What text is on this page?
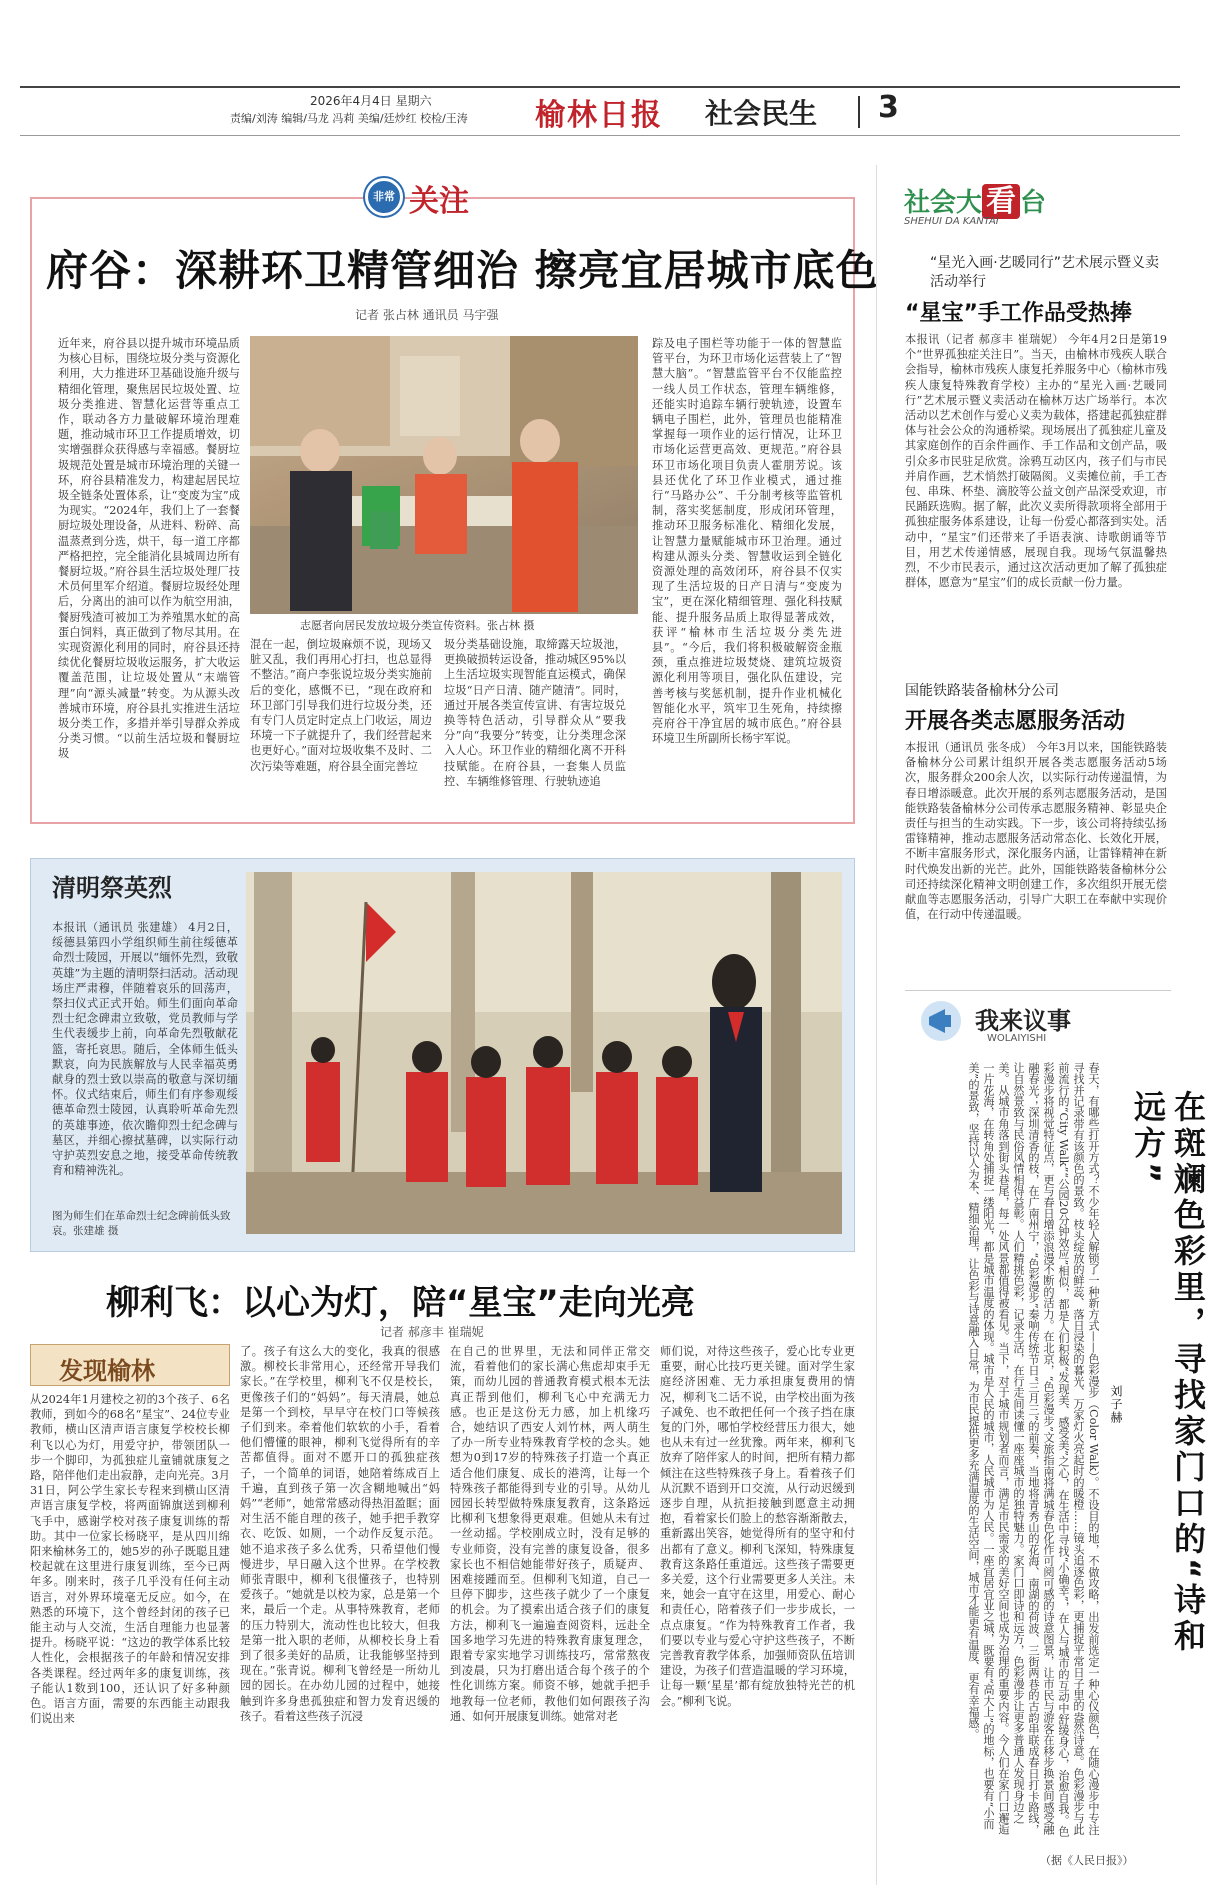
2026年4月4日 星期六
责编/刘涛 编辑/马龙 冯莉 美编/廷炒红 校检/王涛 榆林日报 社会民生 3
非常 关注
府谷：深耕环卫精管细治 擦亮宜居城市底色
记者 张占林 通讯员 马宇强
近年来，府谷县以提升城市环境品质为核心目标，围绕垃圾分类与资源化利用，大力推进环卫基础设施升级与精细化管理，聚焦居民垃圾处置、垃圾分类推进、智慧化运营等重点工作，联动各方力量破解环境治理难题，推动城市环卫工作提质增效，切实增强群众获得感与幸福感。餐厨垃圾规范处置是城市环境治理的关键一环，府谷县精准发力，构建起居民垃圾全链条处置体系，让“变废为宝”成为现实。“2024年，我们上了一套餐厨垃圾处理设备，从进料、粉碎、高温蒸煮到分选，烘干，每一道工序都严格把控，完全能消化县城周边所有餐厨垃圾。”府谷县生活垃圾处理厂技术员何里军介绍道。餐厨垃圾经处理后，分离出的油可以作为航空用油，餐厨残渣可被加工为养殖黑水虻的高蛋白饲料，真正做到了物尽其用。在实现资源化利用的同时，府谷县还持续优化餐厨垃圾收运服务，扩大收运覆盖范围，让垃圾处置从“末端管理”向“源头减量”转变。为从源头改善城市环境，府谷县扎实推进生活垃圾分类工作，多措并举引导群众养成分类习惯。“以前生活垃圾和餐厨垃圾
志愿者向居民发放垃圾分类宣传资料。张占林 摄
混在一起，倒垃圾麻烦不说，现场又脏又乱，我们再用心打扫，也总显得不整洁。”商户李张说垃圾分类实施前后的变化，感慨不已，“现在政府和环卫部门引导我们进行垃圾分类，还有专门人员定时定点上门收运，周边环境一下子就提升了，我们经营起来也更好心。”面对垃圾收集不及时、二次污染等难题，府谷县全面完善垃
圾分类基础设施，取缔露天垃圾池，更换破损转运设备，推动城区95%以上生活垃圾实现智能直运模式，确保垃圾“日产日清、随产随清”。同时，通过开展各类宣传宣讲、有害垃圾兑换等特色活动，引导群众从“要我分”向“我要分”转变，让分类理念深入人心。环卫作业的精细化离不开科技赋能。在府谷县，一套集人员监控、车辆维修管理、行驶轨迹追
踪及电子围栏等功能于一体的智慧监管平台，为环卫市场化运营装上了“智慧大脑”。“智慧监管平台不仅能监控一线人员工作状态，管理车辆维修，还能实时追踪车辆行驶轨迹，设置车辆电子围栏，此外，管理员也能精准掌握每一项作业的运行情况，让环卫市场化运营更高效、更规范。”府谷县环卫市场化项目负责人霍朋芳说。该县还优化了环卫作业模式，通过推行“马路办公”、千分制考核等监管机制，落实奖惩制度，形成闭环管理，推动环卫服务标准化、精细化发展，让智慧力量赋能城市环卫治理。通过构建从源头分类、智慧收运到全链化资源处理的高效闭环，府谷县不仅实现了生活垃圾的日产日清与“变废为宝”，更在深化精细管理、强化科技赋能、提升服务品质上取得显著成效，获评“榆林市生活垃圾分类先进县”。“今后，我们将积极破解资金瓶颈，重点推进垃圾焚烧、建筑垃圾资源化利用等项目，强化队伍建设，完善考核与奖惩机制，提升作业机械化智能化水平，筑牢卫生死角，持续擦亮府谷干净宜居的城市底色。”府谷县环境卫生所副所长杨宇军说。
清明祭英烈
本报讯（通讯员 张建雄） 4月2日，绥德县第四小学组织师生前往绥德革命烈士陵园，开展以“缅怀先烈，致敬英雄”为主题的清明祭扫活动。活动现场庄严肃穆，伴随着哀乐的回荡声，祭扫仪式正式开始。师生们面向革命烈士纪念碑肃立致敬，党员教师与学生代表缓步上前，向革命先烈敬献花篮，寄托哀思。随后，全体师生低头默哀，向为民族解放与人民幸福英勇献身的烈士致以崇高的敬意与深切缅怀。仪式结束后，师生们有序参观绥德革命烈士陵园，认真聆听革命先烈的英雄事迹，依次瞻仰烈士纪念碑与墓区，并细心擦拭墓碑，以实际行动守护英烈安息之地，接受革命传统教育和精神洗礼。
图为师生们在革命烈士纪念碑前低头致哀。张建雄 摄
柳利飞：以心为灯，陪“星宝”走向光亮
记者 郝彦丰 崔瑞妮
发现榆林
从2024年1月建校之初的3个孩子、6名教师，到如今的68名“星宝”、24位专业教师，横山区清声语言康复学校校长柳利飞以心为灯，用爱守护，带领团队一步一个脚印，为孤独症儿童铺就康复之路，陪伴他们走出寂静，走向光亮。3月31日，阿公学生家长专程来到横山区清声语言康复学校，将两面锦旗送到柳利飞手中，感谢学校对孩子康复训练的帮助。其中一位家长杨晓平，是从四川绵阳来榆林务工的，她5岁的孙子既聪且建校起就在这里进行康复训练，至今已两年多。刚来时，孩子几乎没有任何主动语言，对外界环境毫无反应。如今，在熟悉的环境下，这个曾经封闭的孩子已能主动与人交流，生活自理能力也显著提升。杨晓平说：“这边的教学体系比较人性化，会根据孩子的年龄和情况安排各类课程。经过两年多的康复训练，孩子能认1数到100，还认识了好多种颜色。语言方面，需要的东西能主动跟我们说出来
了。孩子有这么大的变化，我真的很感激。柳校长非常用心，还经常开导我们家长。”在学校里，柳利飞不仅是校长，更像孩子们的“妈妈”。每天清晨，她总是第一个到校，早早守在校门口等候孩子们到来。牵着他们软软的小手，看着他们懵懂的眼神，柳利飞觉得所有的辛苦都值得。面对不愿开口的孤独症孩子，一个简单的词语，她陪着练成百上千遍，直到孩子第一次含糊地喊出“妈妈”“老师”，她常常感动得热泪盈眶；面对生活不能自理的孩子，她手把手教穿衣、吃饭、如厕，一个动作反复示范。她不追求孩子多么优秀，只希望他们慢慢进步，早日融入这个世界。在学校教师张青眼中，柳利飞很懂孩子，也特别爱孩子。“她就是以校为家，总是第一个来，最后一个走。从事特殊教育，老师的压力特别大，流动性也比较大，但我是第一批入职的老师，从柳校长身上看到了很多美好的品质，让我能够坚持到现在。”张青说。柳利飞曾经是一所幼儿园的园长。在办幼儿园的过程中，她接触到许多身患孤独症和智力发育迟缓的孩子。看着这些孩子沉浸
在自己的世界里，无法和同伴正常交流，看着他们的家长满心焦虑却束手无策，而幼儿园的普通教育模式根本无法真正帮到他们，柳利飞心中充满无力感。也正是这份无力感，加上机缘巧合，她结识了西安人刘竹林，两人萌生了办一所专业特殊教育学校的念头。她想为0到17岁的特殊孩子打造一个真正适合他们康复、成长的港湾，让每一个特殊孩子都能得到专业的引导。从幼儿园园长转型做特殊康复教育，这条路远比柳利飞想象得更艰难。但她从未有过一丝动摇。学校刚成立时，没有足够的专业师资，没有完善的康复设备，很多家长也不相信她能带好孩子，质疑声、困难接踵而至。但柳利飞知道，自己一旦停下脚步，这些孩子就少了一个康复的机会。为了摸索出适合孩子们的康复方法，柳利飞一遍遍查阅资料，远赴全国多地学习先进的特殊教育康复理念，跟着专家实地学习训练技巧，常常熬夜到凌晨，只为打磨出适合每个孩子的个性化训练方案。师资不够，她就手把手地教每一位老师，教他们如何跟孩子沟通、如何开展康复训练。她常对老
师们说，对待这些孩子，爱心比专业更重要，耐心比技巧更关键。面对学生家庭经济困难、无力承担康复费用的情况，柳利飞二话不说，由学校出面为孩子减免、也不敢把任何一个孩子挡在康复的门外，哪怕学校经营压力很大，她也从未有过一丝犹豫。两年来，柳利飞放弃了陪伴家人的时间，把所有精力都倾注在这些特殊孩子身上。看着孩子们从沉默不语到开口交流，从行动迟缓到逐步自理，从抗拒接触到愿意主动拥抱，看着家长们脸上的愁容渐渐散去，重新露出笑容，她觉得所有的坚守和付出都有了意义。柳利飞深知，特殊康复教育这条路任重道远。这些孩子需要更多关爱，这个行业需要更多人关注。未来，她会一直守在这里，用爱心、耐心和责任心，陪着孩子们一步步成长，一点点康复。“作为特殊教育工作者，我们要以专业与爱心守护这些孩子，不断完善教育教学体系，加强师资队伍培训建设，为孩子们营造温暖的学习环境，让每一颗‘星星’都有绽放独特光芒的机会。”柳利飞说。
社会大 看 台
SHEHUI DA KANTAI
“星光入画·艺暖同行”艺术展示暨义卖活动举行
“星宝”手工作品受热捧
本报讯（记者 郝彦丰 崔瑞妮） 今年4月2日是第19个“世界孤独症关注日”。当天，由榆林市残疾人联合会指导，榆林市残疾人康复托养服务中心（榆林市残疾人康复特殊教育学校）主办的“星光入画·艺暖同行”艺术展示暨义卖活动在榆林万达广场举行。本次活动以艺术创作与爱心义卖为载体，搭建起孤独症群体与社会公众的沟通桥梁。现场展出了孤独症儿童及其家庭创作的百余件画作、手工作品和文创产品，吸引众多市民驻足欣赏。涂鸦互动区内，孩子们与市民并肩作画，艺术悄然打破隔阂。义卖摊位前，手工杏包、串珠、杯垫、滴胶等公益文创产品深受欢迎，市民踊跃选购。据了解，此次义卖所得款项将全部用于孤独症服务体系建设，让每一份爱心都落到实处。活动中，“星宝”们还带来了手语表演、诗歌朗诵等节目，用艺术传递情感，展现自我。现场气氛温馨热烈，不少市民表示，通过这次活动更加了解了孤独症群体，愿意为“星宝”们的成长贡献一份力量。
国能铁路装备榆林分公司
开展各类志愿服务活动
本报讯（通讯员 张冬成） 今年3月以来，国能铁路装备榆林分公司累计组织开展各类志愿服务活动5场次，服务群众200余人次，以实际行动传递温情，为春日增添暖意。此次开展的系列志愿服务活动，是国能铁路装备榆林分公司传承志愿服务精神、彰显央企责任与担当的生动实践。下一步，该公司将持续弘扬雷锋精神，推动志愿服务活动常态化、长效化开展，不断丰富服务形式，深化服务内涵，让雷锋精神在新时代焕发出新的光芒。此外，国能铁路装备榆林分公司还持续深化精神文明创建工作，多次组织开展无偿献血等志愿服务活动，引导广大职工在奉献中实现价值，在行动中传递温暖。
我来议事
WOLAIYISHI
在斑斓色彩里，寻找家门口的“诗和远方”
刘子赫
春天，有哪些打开方式？不少年轻人解锁了一种新方式——色彩漫步（Color Walk）。不设目的地，不做攻略，出发前选定一种心仪颜色，在随心漫步中专注寻找并记录带有该颜色的景致。枝头绽放的鲜蕊、落日浸染的暮光、万家灯火亮起时的暖橙……镜头追逐色彩，更捕捉平常日子里的盎然诗意。色彩漫步与此前流行的“City Walk”“公园20分钟效应”相似，都是人们积极“发现美、感受美”之心，在生活中寻找“小确幸”，在人与城市的互动中舒缓身心，治愈自我。色彩漫步将视觉特征点，更与春日增添浪漫不断的活力。在北京，“色彩漫步”文旅指南将满城春色化作可阅可感的诗意图景，让市民与游客在移步换景间感受融融春光；深圳清香的枝，在广南州宁，“色彩漫步”秦响传统节日“三月三”的前奏，当地将青秀山的花海、南湖的荷波、三街两巷的古韵串联成春日打卡路线，让自然景致与民俗风情相得益彰。人们精挑色彩，记录生活，在行走间读懂一座座城市的独特魅力。家门口即诗和远方，色彩漫步让更多普通人发现身边之美。从城市角落到街头巷尾，每一处风景都值得被看见。当下，对于城市规划者而言，满足市民需求的美好空间也成为治理的重要内容。今人们在家门口邂逅一片花海，在转角处捕捉一缕阳光，都是城市温度的体现。城市是人民的城市，人民城市为人民。一座宜居宜业之城，既要有“高大上”的地标，也要有“小而美”的景致，坚持以人为本、精细治理，让色彩与诗意融入日常，为市民提供更多充满温度的生活空间，城市才能更有温度、更有幸福感。
（据《人民日报》）
